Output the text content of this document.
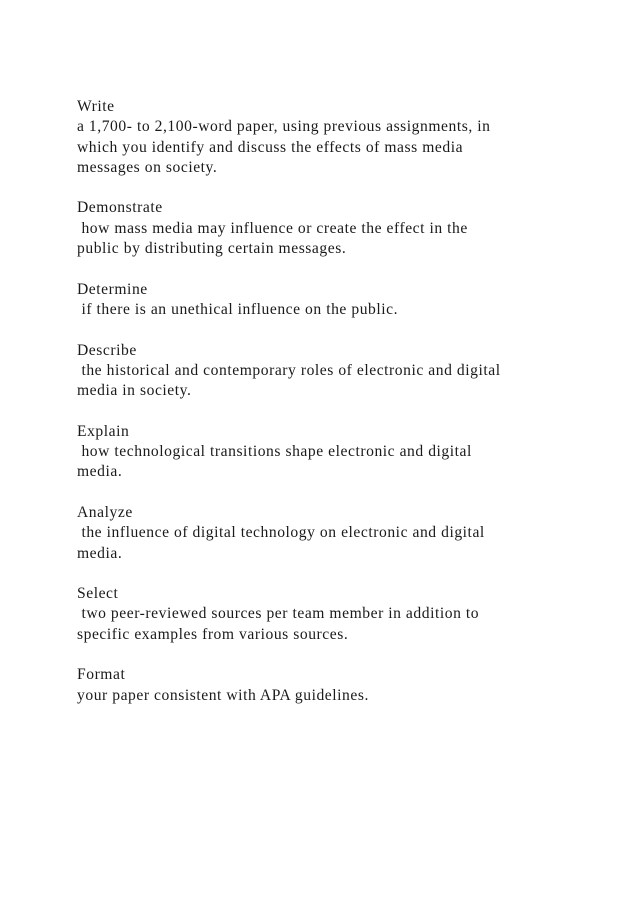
Write
a 1,700- to 2,100-word paper, using previous assignments, in
which you identify and discuss the effects of mass media
messages on society.
Demonstrate
how mass media may influence or create the effect in the
public by distributing certain messages.
Determine
if there is an unethical influence on the public.
Describe
the historical and contemporary roles of electronic and digital
media in society.
Explain
how technological transitions shape electronic and digital
media.
Analyze
the influence of digital technology on electronic and digital
media.
Select
two peer-reviewed sources per team member in addition to
specific examples from various sources.
Format
your paper consistent with APA guidelines.
